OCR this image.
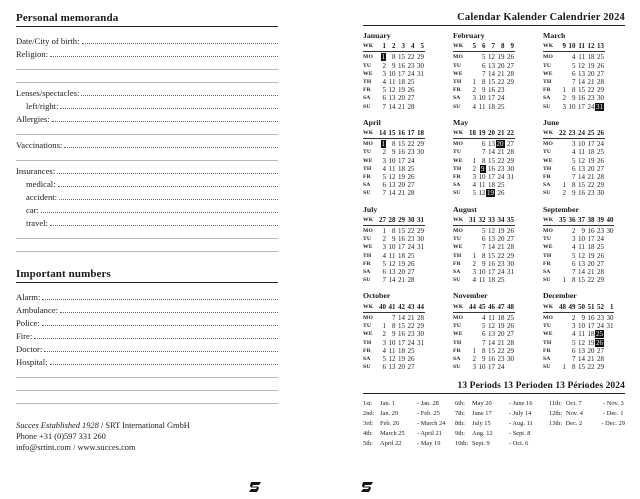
Personal memoranda
Date/City of birth:
Religion:
Lenses/spectacles:
left/right:
Allergies:
Vaccinations:
Insurances:
medical:
accident:
car:
travel:
Important numbers
Alarm:
Ambulance:
Police:
Fire:
Doctor:
Hospital:
Succes Established 1928 / SRT International GmbH
Phone +31 (0)597 331 260
info@srtint.com / www.succes.com
Calendar Kalender Calendrier 2024
January
WK	1	2	3	4	5
MO	1	8	15	22	29
TU	2	9	16	23	30
WE	3	10	17	24	31
TH	4	11	18	25	
FR	5	12	19	26	
SA	6	13	20	27	
SU	7	14	21	28	
February
WK	5	6	7	8	9
MO		5	12	19	26
TU		6	13	20	27
WE		7	14	21	28
TH	1	8	15	22	29
FR	2	9	16	23	
SA	3	10	17	24	
SU	4	11	18	25	
March
WK	9	10	11	12	13
MO		4	11	18	25
TU		5	12	19	26
WE		6	13	20	27
TH		7	14	21	28
FR	1	8	15	22	29
SA	2	9	16	23	30
SU	3	10	17	24	31
April
WK	14	15	16	17	18
MO	1	8	15	22	29
TU	2	9	16	23	30
WE	3	10	17	24	
TH	4	11	18	25	
FR	5	12	19	26	
SA	6	13	20	27	
SU	7	14	21	28	
May
WK	18	19	20	21	22
MO		6	13	20	27
TU		7	14	21	28
WE	1	8	15	22	29
TH	2	9	16	23	30
FR	3	10	17	24	31
SA	4	11	18	25	
SU	5	12	19	26	
June
WK	22	23	24	25	26
MO		3	10	17	24
TU		4	11	18	25
WE		5	12	19	26
TH		6	13	20	27
FR		7	14	21	28
SA	1	8	15	22	29
SU	2	9	16	23	30
July
WK	27	28	29	30	31
MO	1	8	15	22	29
TU	2	9	16	23	30
WE	3	10	17	24	31
TH	4	11	18	25	
FR	5	12	19	26	
SA	6	13	20	27	
SU	7	14	21	28	
August
WK	31	32	33	34	35
MO		5	12	19	26
TU		6	13	20	27
WE		7	14	21	28
TH	1	8	15	22	29
FR	2	9	16	23	30
SA	3	10	17	24	31
SU	4	11	18	25	
September
WK	35	36	37	38	39	40
MO		2	9	16	23	30
TU		3	10	17	24	
WE		4	11	18	25	
TH		5	12	19	26	
FR		6	13	20	27	
SA		7	14	21	28	
SU	1	8	15	22	29	
October
WK	40	41	42	43	44
MO		7	14	21	28
TU	1	8	15	22	29
WE	2	9	16	23	30
TH	3	10	17	24	31
FR	4	11	18	25	
SA	5	12	19	26	
SU	6	13	20	27	
November
WK	44	45	46	47	48
MO		4	11	18	25
TU		5	12	19	26
WE		6	13	20	27
TH		7	14	21	28
FR	1	8	15	22	29
SA	2	9	16	23	30
SU	3	10	17	24	
December
WK	48	49	50	51	52	1
MO		2	9	16	23	30
TU		3	10	17	24	31
WE		4	11	18	25	
TH		5	12	19	26	
FR		6	13	20	27	
SA		7	14	21	28	
SU	1	8	15	22	29	
13 Periods 13 Perioden 13 Périodes 2024
1st:	Jan. 1	- Jan. 28
2nd: Jan. 29	- Feb. 25
3rd:	Feb. 26	- March 24
4th:	March 25	- April 21
5th:	April 22	- May 19
6th:	May 20	- June 16
7th:	June 17	- July 14
8th:	July 15	- Aug. 11
9th:	Aug. 12	- Sept. 8
10th: Sept. 9	- Oct. 6
11th: Oct. 7	- Nov. 3
12th: Nov. 4	- Dec. 1
13th: Dec. 2	- Dec. 29
